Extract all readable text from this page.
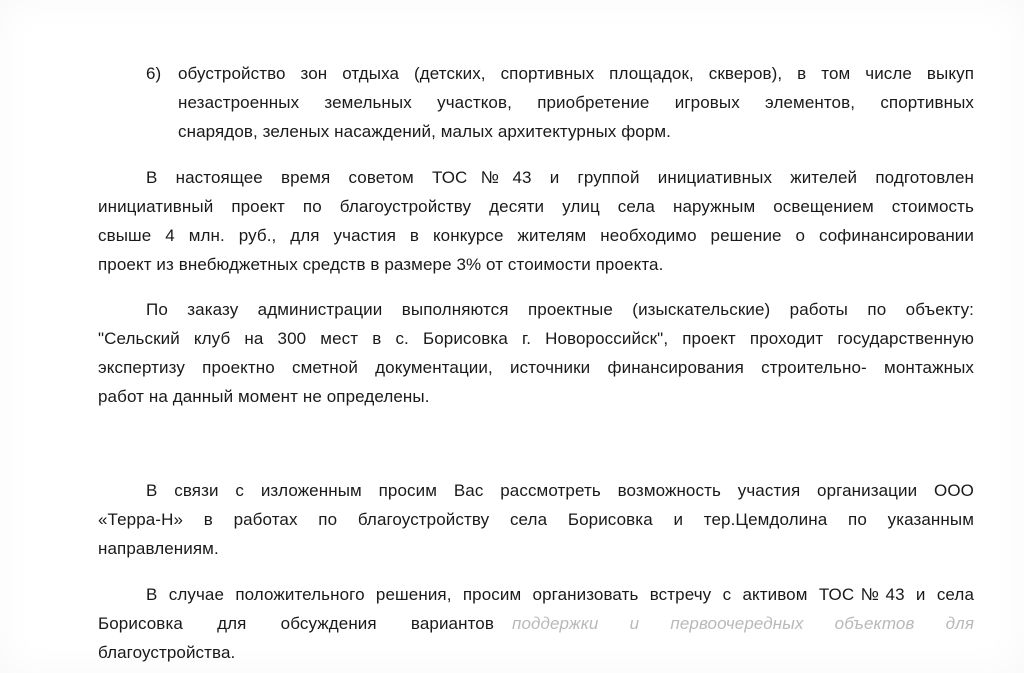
6) обустройство зон отдыха (детских, спортивных площадок, скверов), в том числе выкуп
незастроенных земельных участков, приобретение игровых элементов, спортивных
снарядов, зеленых насаждений, малых архитектурных форм.
В настоящее время советом ТОС№43 и группой инициативных жителей подготовлен
инициативный проект по благоустройству десяти улиц села наружным освещением стоимость
свыше 4 млн. руб., для участия в конкурсе жителям необходимо решение о софинансировании
проект из внебюджетных средств в размере 3% от стоимости проекта.
По заказу администрации выполняются проектные (изыскательские) работы по объекту:
"Сельский клуб на 300 мест в с. Борисовка г. Новороссийск", проект проходит государственную
экспертизу проектно сметной документации, источники финансирования строительно- монтажных
работ на данный момент не определены.
В связи с изложенным просим Вас рассмотреть возможность участия организации ООО
«Терра-Н» в работах по благоустройству села Борисовка и тер.Цемдолина по указанным
направлениям.
В случае положительного решения, просим организовать встречу с активом ТОС№43 и села
Борисовка для обсуждения вариантов поддержки и первоочередных объектов для
благоустройства.
